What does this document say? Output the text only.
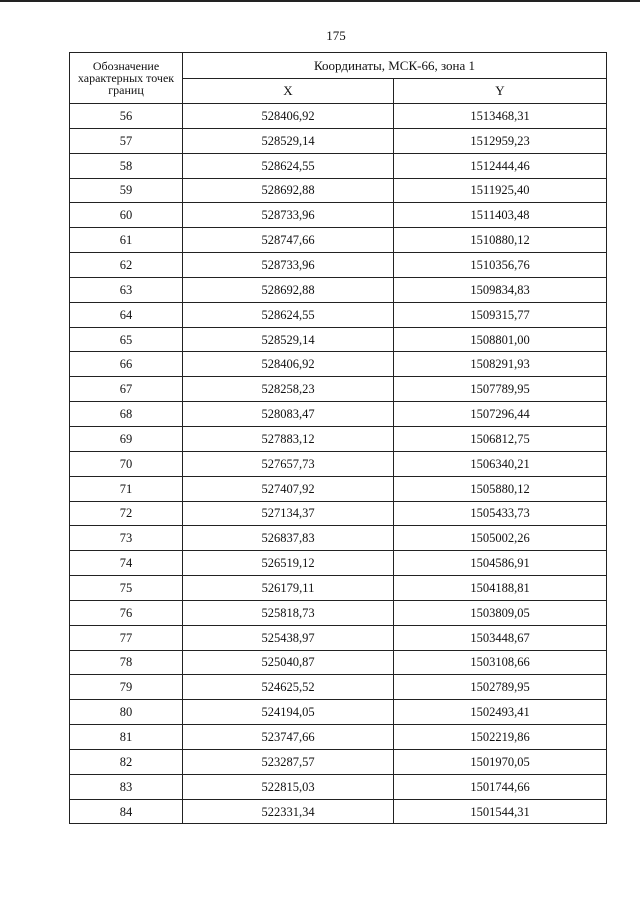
175
Обозначение характерных точек границ	Координаты, МСК-66, зона 1	
	X	Y
56	528406,92	1513468,31
57	528529,14	1512959,23
58	528624,55	1512444,46
59	528692,88	1511925,40
60	528733,96	1511403,48
61	528747,66	1510880,12
62	528733,96	1510356,76
63	528692,88	1509834,83
64	528624,55	1509315,77
65	528529,14	1508801,00
66	528406,92	1508291,93
67	528258,23	1507789,95
68	528083,47	1507296,44
69	527883,12	1506812,75
70	527657,73	1506340,21
71	527407,92	1505880,12
72	527134,37	1505433,73
73	526837,83	1505002,26
74	526519,12	1504586,91
75	526179,11	1504188,81
76	525818,73	1503809,05
77	525438,97	1503448,67
78	525040,87	1503108,66
79	524625,52	1502789,95
80	524194,05	1502493,41
81	523747,66	1502219,86
82	523287,57	1501970,05
83	522815,03	1501744,66
84	522331,34	1501544,31
